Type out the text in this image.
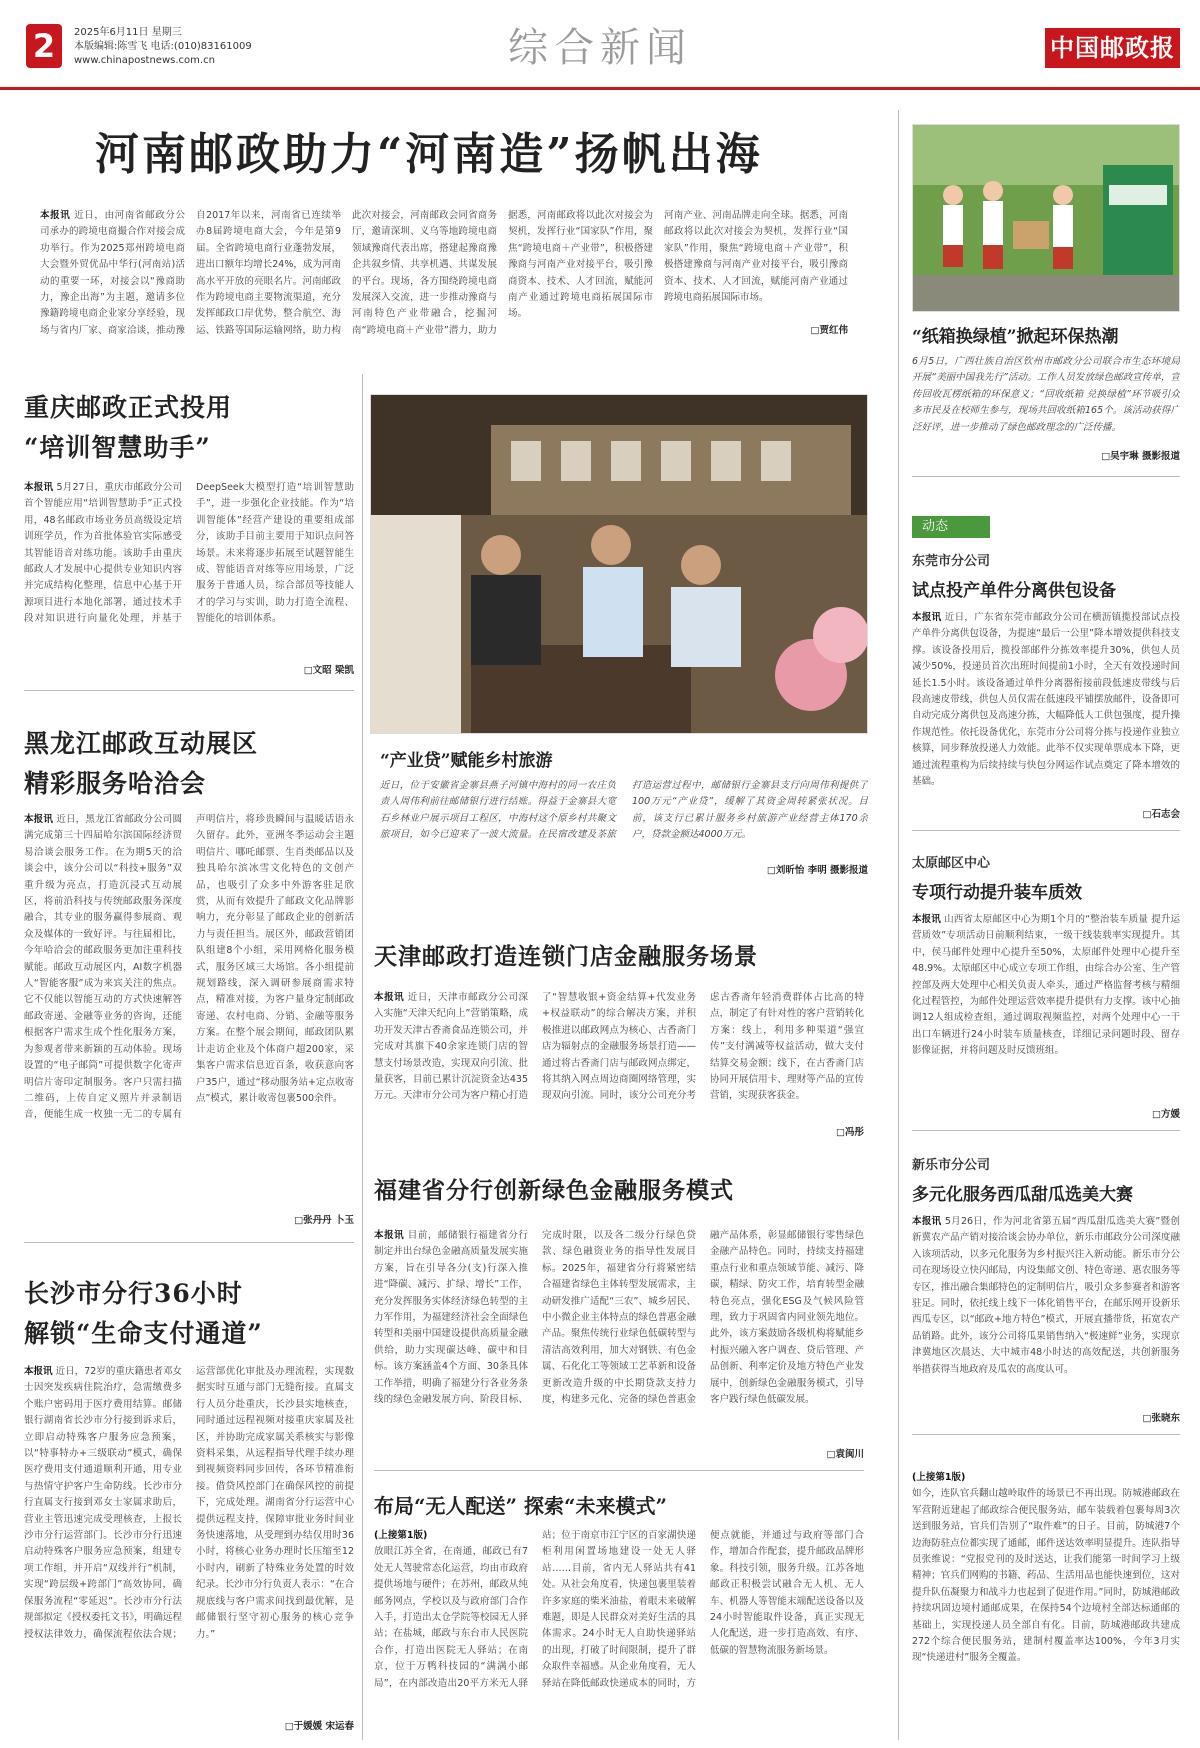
2	2025年6月11日 星期三
本版编辑:陈雪飞 电话:(010)83161009
www.chinapostnews.com.cn	综合新闻	中国邮政报
河南邮政助力“河南造”扬帆出海
本报讯 近日，由河南省邮政分公司承办的跨境电商撮合作对接会成功举行。作为2025郑州跨境电商大会暨外贸优品中华行(河南站)活动的重要一环，对接会以“豫商助力，豫企出海”为主题，邀请多位豫籍跨境电商企业家分享经验，现场与省内厂家、商家洽谈，推动豫
自2017年以来，河南省已连续举办8届跨境电商大会，今年是第9届。全省跨境电商行业蓬勃发展，进出口额年均增长24%，成为河南高水平开放的亮眼名片。河南邮政作为跨境电商主要物流渠道，充分发挥邮政口岸优势，整合航空、海运、铁路等国际运输网络，助力构
此次对接会，河南邮政会同省商务厅，邀请深圳、义乌等地跨境电商领域豫商代表出席，搭建起豫商豫企共叙乡情、共享机遇、共谋发展的平台。现场，各方围绕跨境电商发展深入交流，进一步推动豫商与河南特色产业带融合，挖掘河南“跨境电商＋产业带”潜力，助力
据悉，河南邮政将以此次对接会为契机，发挥行业“国家队”作用，聚焦“跨境电商＋产业带”，积极搭建豫商与河南产业对接平台，吸引豫商资本、技术、人才回流，赋能河南产业通过跨境电商拓展国际市场。
河南产业、河南品牌走向全球。据悉，河南邮政将以此次对接会为契机，发挥行业“国家队”作用，聚焦“跨境电商＋产业带”，积极搭建豫商与河南产业对接平台，吸引豫商资本、技术、人才回流，赋能河南产业通过跨境电商拓展国际市场。
□贾红伟	“纸箱换绿植”掀起环保热潮
6月5日，广西壮族自治区钦州市邮政分公司联合市生态环境局开展“美丽中国我先行”活动。工作人员发放绿色邮政宣传单，宣传回收瓦楞纸箱的环保意义；“回收纸箱 兑换绿植”环节吸引众多市民及在校师生参与，现场共回收纸箱165个。该活动获得广泛好评，进一步推动了绿色邮政理念的广泛传播。
□吴宇琳 摄影报道
重庆邮政正式投用
“培训智慧助手”
本报讯 5月27日，重庆市邮政分公司首个智能应用“培训智慧助手”正式投用，48名邮政市场业务员高级设定培训班学员，作为首批体验官实际感受其智能语音对练功能。该助手由重庆邮政人才发展中心提供专业知识内容并完成结构化整理，信息中心基于开源项目进行本地化部署，通过技术手段对知识进行向量化处理，并基于DeepSeek大模型打造“培训智慧助手”，进一步强化企业技能。作为“培训智能体”经营产建设的重要组成部分，该助手目前主要用于知识点问答场景。未来将逐步拓展至试题智能生成、智能语音对练等应用场景，广泛服务于普通人员，综合部员等技能人才的学习与实训，助力打造全流程、智能化的培训体系。
□文昭 梁凯
黑龙江邮政互动展区
精彩服务哈洽会
本报讯 近日，黑龙江省邮政分公司圆满完成第三十四届哈尔滨国际经济贸易洽谈会服务工作。在为期5天的洽谈会中，该分公司以“科技+服务”双重升级为亮点，打造沉浸式互动展区，将前沿科技与传统邮政服务深度融合，其专业的服务赢得参展商、观众及媒体的一致好评。与往届相比，今年哈洽会的邮政服务更加注重科技赋能。邮政互动展区内，AI数字机器人“智能客服”成为来宾关注的焦点。它不仅能以智能互动的方式快速解答邮政寄递、金融等业务的咨询，还能根据客户需求生成个性化服务方案，为参观者带来新颖的互动体验。现场设置的“电子邮筒”可提供数字化寄声明信片寄印定制服务。客户只需扫描二维码，上传自定义照片并录制语音，便能生成一枚独一无二的专属有声明信片，将珍贵瞬间与温暖话语永久留存。此外，亚洲冬季运动会主题明信片、哪吒邮票、生肖类邮品以及独具哈尔滨冰雪文化特色的文创产品，也吸引了众多中外游客驻足欣赏，从而有效提升了邮政文化品牌影响力，充分彰显了邮政企业的创新活力与责任担当。展区外，邮政营销团队组建8个小组，采用网格化服务模式，服务区域三大场馆。各小组提前规划路线，深入调研参展商需求特点，精准对接，为客户量身定制邮政寄递、农村电商、分销、金融等服务方案。在整个展会期间，邮政团队累计走访企业及个体商户超200家，采集客户需求信息近百条，收获意向客户35户，通过“移动服务站+定点收寄点”模式，累计收寄包裹500余件。
□张丹丹 卜玉
长沙市分行36小时
解锁“生命支付通道”
本报讯 近日，72岁的重庆籍患者邓女士因突发疾病住院治疗，急需缴费多个账户密码用于医疗费用结算。邮储银行湖南省长沙市分行接到诉求后，立即启动特殊客户服务应急预案，以“特事特办+三级联动”模式，确保医疗费用支付通道顺利开通，用专业与热情守护客户生命防线。长沙市分行直属支行接到邓女士家属求助后，营业主管迅速完成受理核查，上报长沙市分行运营部门。长沙市分行迅速启动特殊客户服务应急预案，组建专项工作组，并开启“双线并行”机制，实现“跨层级+跨部门”高效协同，确保服务流程“零延迟”。长沙市分行法规部拟定《授权委托文书》，明确远程授权法律效力，确保流程依法合规；运营部优化审批及办理流程，实现数据实时互通与部门无缝衔接。直属支行人员分赴重庆，长沙县实地核查，同时通过远程视频对接重庆家属及社区，并协助完成家属关系核实与影像资料采集，从远程指导代理手续办理到视频资料同步回传，各环节精准衔接。借贷风控部门在确保风控的前提下，完成处理。湖南省分行运营中心提供远程支持，保障审批业务时间业务快速落地，从受理到办结仅用时36小时，将核心业务办理时长压缩至12小时内，刷新了特殊业务处置的时效纪录。长沙市分行负责人表示：“在合规底线与客户需求间找到最优解，是邮储银行坚守初心服务的核心竞争力。”
□于媛媛 宋运春
“产业贷”赋能乡村旅游
近日，位于安徽省金寨县燕子河镇中海村的同一农庄负责人周伟利前往邮储银行进行结账。得益于金寨县大宽石乡林业户展示项目工程区，中海村这个原乡村共聚文旅项目，如今已迎来了一波大流量。在民宿改建及茶旅打造运营过程中，邮储银行金寨县支行向周伟利提供了100万元“产业贷”，缓解了其资金周转紧张状况。目前，该支行已累计服务乡村旅游产业经营主体170余户，贷款金额达4000万元。
□刘昕怡 李明 摄影报道
天津邮政打造连锁门店金融服务场景
本报讯 近日，天津市邮政分公司深入实施“天津天纪向上”营销策略，成功开发天津古香斋食品连锁公司，并完成对其旗下40余家连锁门店的智慧支付场景改造，实现双向引流、批量获客，目前已累计沉淀资金达435万元。天津市分公司为客户精心打造了“智慧收银+资金结算+代发业务+权益联动”的综合解决方案，并积极推进以邮政网点为核心、古香斋门店为辐射点的金融服务场景打造——通过将古香斋门店与邮政网点绑定，将其纳入网点周边商圈网络管理，实现双向引流。同时，该分公司充分考虑古香斋年轻消费群体占比高的特点，制定了有针对性的客户营销转化方案：线上，利用多种渠道“强宣传”支付满减等权益活动，做大支付结算交易金额；线下，在古香斋门店协同开展信用卡、理财等产品的宣传营销，实现获客获金。
□冯彤
福建省分行创新绿色金融服务模式
本报讯 目前，邮储银行福建省分行制定并出台绿色金融高质量发展实施方案，旨在引导各分(支)行深入推进“降碳、减污、扩绿、增长”工作，充分发挥服务实体经济绿色转型的主力军作用，为福建经济社会全面绿色转型和美丽中国建设提供高质量金融供给，助力实现碳达峰、碳中和目标。该方案涵盖4个方面、30条具体工作举措，明确了福建分行各业务条线的绿色金融发展方向、阶段目标、完成时限，以及各二级分行绿色贷款、绿色融资业务的指导性发展目标。2025年，福建省分行将紧密结合福建省绿色主体转型发展需求，主动研发推广适配“三农”、城乡居民、中小微企业主体特点的绿色普惠金融产品。聚焦传统行业绿色低碳转型与清洁高效利用，加大对钢铁、有色金属、石化化工等领域工艺革新和设备更新改造升级的中长期贷款支持力度，构建多元化、完备的绿色普惠金融产品体系，彰显邮储银行零售绿色金融产品特色。同时，持续支持福建重点行业和重点领域节能、减污、降碳，精绿、防灾工作，培育转型金融特色亮点，强化ESG及气候风险管理，致力于巩固省内同业领先地位。此外，该方案鼓励各级机构将赋能乡村振兴融入客户调查、贷后管理、产品创新、利率定价及地方特色产业发展中，创新绿色金融服务模式，引导客户践行绿色低碳发展。
□袁闽川
布局“无人配送” 探索“未来模式”
(上接第1版)
放眼江苏全省，在南通，邮政已有7处无人驾驶常态化运营，均由市政府提供场地与硬件；在苏州，邮政从纯邮务网点，学校以及与政府部门合作入手，打造出太仓学院等校园无人驿站；在盐城，邮政与东台市人民医院合作，打造出医院无人驿站；在南京，位于万鸭科技园的“满满小邮局”，在内部改造出20平方米无人驿站；位于南京市江宁区的百家湖快递柜利用闲置场地建设一处无人驿站……目前，省内无人驿站共有41处。从社会角度看，快递包裹里装着许多家庭的柴米油盐，着眼未来破解难题，即是人民群众对美好生活的具体需求。24小时无人自助快递驿站的出现，打破了时间限制，提升了群众取件幸福感。从企业角度看，无人驿站在降低邮政快递成本的同时，方便点就能，并通过与政府等部门合作，增加合作配套，提升邮政品牌形象。科技引领，服务升级。江苏各地邮政正积极尝试融合无人机、无人车、机器人等智能末端配送设备以及24小时智能取件设备，真正实现无人化配送，进一步打造高效、有序、低碳的智慧物流服务新场景。
动态
东莞市分公司
试点投产单件分离供包设备
本报讯 近日，广东省东莞市邮政分公司在横沥镇揽投部试点投产单件分离供包设备，为提速“最后一公里”降本增效提供科技支撑。该设备投用后，揽投部邮件分拣效率提升30%，供包人员减少50%，投递员首次出班时间提前1小时，全天有效投递时间延长1.5小时。该设备通过单件分离器衔接前段低速皮带线与后段高速皮带线，供包人员仅需在低速段平铺摆放邮件，设备即可自动完成分离供包及高速分拣，大幅降低人工供包强度，提升操作规范性。依托设备优化，东莞市分公司将分拣与投递作业独立核算，同步释放投递人力效能。此举不仅实现单票成本下降，更通过流程重构为后续持续与快包分网运作试点奠定了降本增效的基础。
□石志会
太原邮区中心
专项行动提升装车质效
本报讯 山西省太原邮区中心为期1个月的“整治装车质量 提升运营质效”专项活动日前顺利结束，一级干线装载率实现提升。其中，侯马邮件处理中心提升至50%，太原邮件处理中心提升至48.9%。太原邮区中心成立专项工作组，由综合办公室、生产管控部及两大处理中心相关负责人牵头，通过严格监督考核与精细化过程管控，为邮件处理运营效率提升提供有力支撑。该中心抽调12人组成检查组，通过调取视频监控，对两个处理中心一干出口车辆进行24小时装车质量核查，详细记录问题时段、留存影像证据，并将问题及时反馈班组。
□方媛
新乐市分公司
多元化服务西瓜甜瓜选美大赛
本报讯 5月26日，作为河北省第五届“西瓜甜瓜选美大赛”暨创新冀农产品产销对接洽谈会协办单位，新乐市邮政分公司深度融入该项活动，以多元化服务为乡村振兴注入新动能。新乐市分公司在现场设立快闪邮局，内设集邮文创、特色寄递、惠农服务等专区，推出融合集邮特色的定制明信片，吸引众多参赛者和游客驻足。同时，依托线上线下一体化销售平台，在邮乐网开设新乐西瓜专区，以“邮政+地方特色”模式，开展直播带货，拓宽农产品销路。此外，该分公司将瓜果销售纳入“极速鲜”业务，实现京津冀地区次晨达、大中城市48小时达的高效配送，共创新服务举措获得当地政府及瓜农的高度认可。
□张晓东
(上接第1版)
如今，连队官兵翻山越岭取件的场景已不再出现。防城港邮政在军营附近建起了邮政综合便民服务站，邮车装载着包裹每周3次送到服务站，官兵们告别了“取件难”的日子。目前，防城港7个边海防驻点位都实现了通邮，邮件送达效率明显提升。连队指导员张维说：“党报党刊的及时送达，让我们能第一时间学习上级精神；官兵们网购的书籍、药品、生活用品也能快速到位，这对提升队伍凝聚力和战斗力也起到了促进作用。”同时，防城港邮政持续巩固边境村通邮成果，在保持54个边境村全部达标通邮的基础上，实现投递人员全部自有化。目前，防城港邮政共建成272个综合便民服务站，建制村覆盖率达100%，今年3月实现“快递进村”服务全覆盖。
